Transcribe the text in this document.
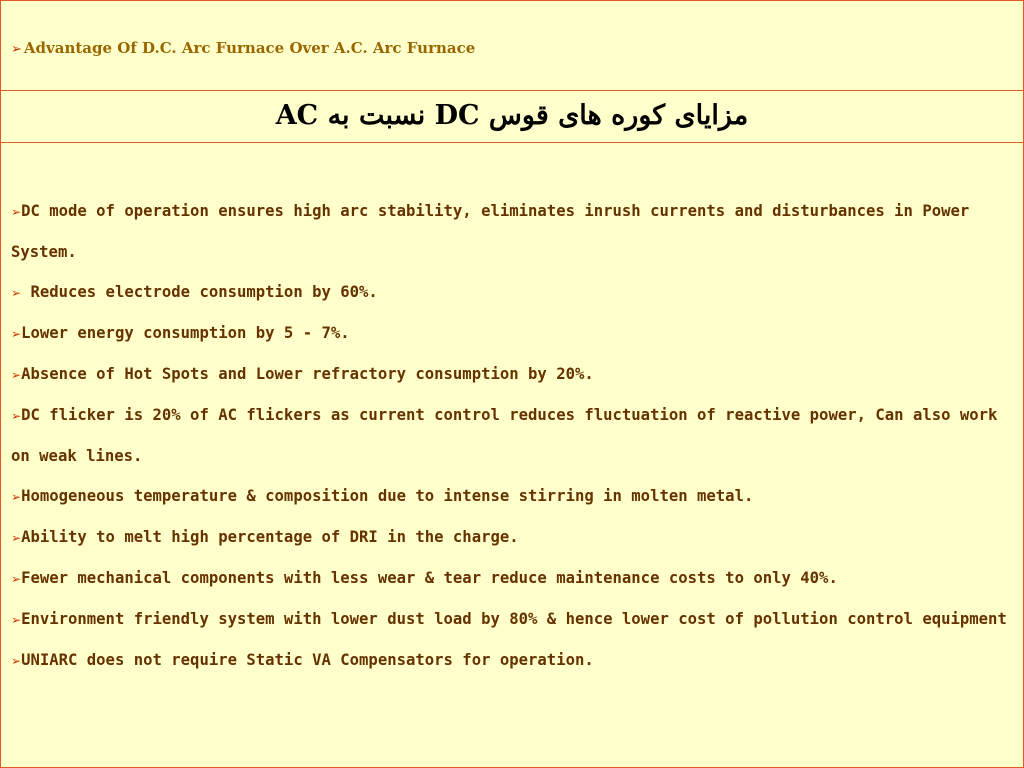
➢ Advantage Of D.C. Arc Furnace Over A.C. Arc Furnace
مزایای کوره های قوس DC نسبت به AC
➢DC mode of operation ensures high arc stability, eliminates inrush currents and disturbances in Power System.
➢ Reduces electrode consumption by 60%.
➢Lower energy consumption by 5 - 7%.
➢Absence of Hot Spots and Lower refractory consumption by 20%.
➢DC flicker is 20% of AC flickers as current control reduces fluctuation of reactive power, Can also work on weak lines.
➢Homogeneous temperature & composition due to intense stirring in molten metal.
➢Ability to melt high percentage of DRI in the charge.
➢Fewer mechanical components with less wear & tear reduce maintenance costs to only 40%.
➢Environment friendly system with lower dust load by 80% & hence lower cost of pollution control equipment
➢UNIARC does not require Static VA Compensators for operation.
